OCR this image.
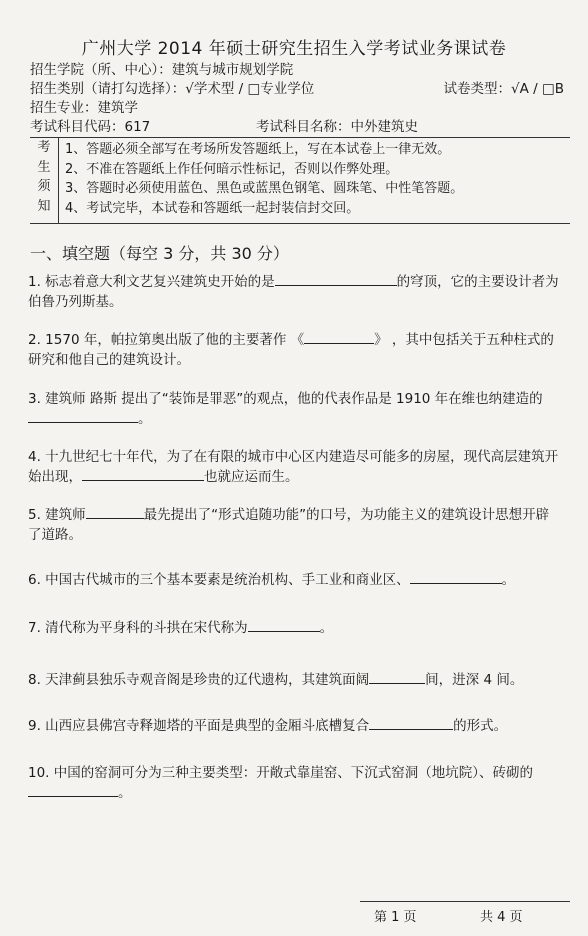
广州大学 2014 年硕士研究生招生入学考试业务课试卷
招生学院（所、中心）：建筑与城市规划学院
招生类别（请打勾选择）：√学术型 / □专业学位	试卷类型：√A / □B
招生专业：建筑学
考试科目代码：617	考试科目名称：中外建筑史
考
生
须
知
1、答题必须全部写在考场所发答题纸上，写在本试卷上一律无效。
2、不准在答题纸上作任何暗示性标记，否则以作弊处理。
3、答题时必须使用蓝色、黑色或蓝黑色钢笔、圆珠笔、中性笔答题。
4、考试完毕，本试卷和答题纸一起封装信封交回。
一、填空题（每空 3 分，共 30 分）
1. 标志着意大利文艺复兴建筑史开始的是	的穹顶，它的主要设计者为伯鲁乃列斯基。
2. 1570 年，帕拉第奥出版了他的主要著作 《	》 ，其中包括关于五种柱式的研究和他自己的建筑设计。
3. 建筑师 路斯 提出了“装饰是罪恶”的观点，他的代表作品是 1910 年在维也纳建造的。
4. 十九世纪七十年代，为了在有限的城市中心区内建造尽可能多的房屋，现代高层建筑开始出现，	也就应运而生。
5. 建筑师	最先提出了“形式追随功能”的口号，为功能主义的建筑设计思想开辟了道路。
6. 中国古代城市的三个基本要素是统治机构、手工业和商业区、	。
7. 清代称为平身科的斗拱在宋代称为	。
8. 天津蓟县独乐寺观音阁是珍贵的辽代遗构，其建筑面阔	间，进深 4 间。
9. 山西应县佛宫寺释迦塔的平面是典型的金厢斗底槽复合	的形式。
10. 中国的窑洞可分为三种主要类型：开敞式靠崖窑、下沉式窑洞（地坑院）、砖砌的。
第 1 页	共 4 页
